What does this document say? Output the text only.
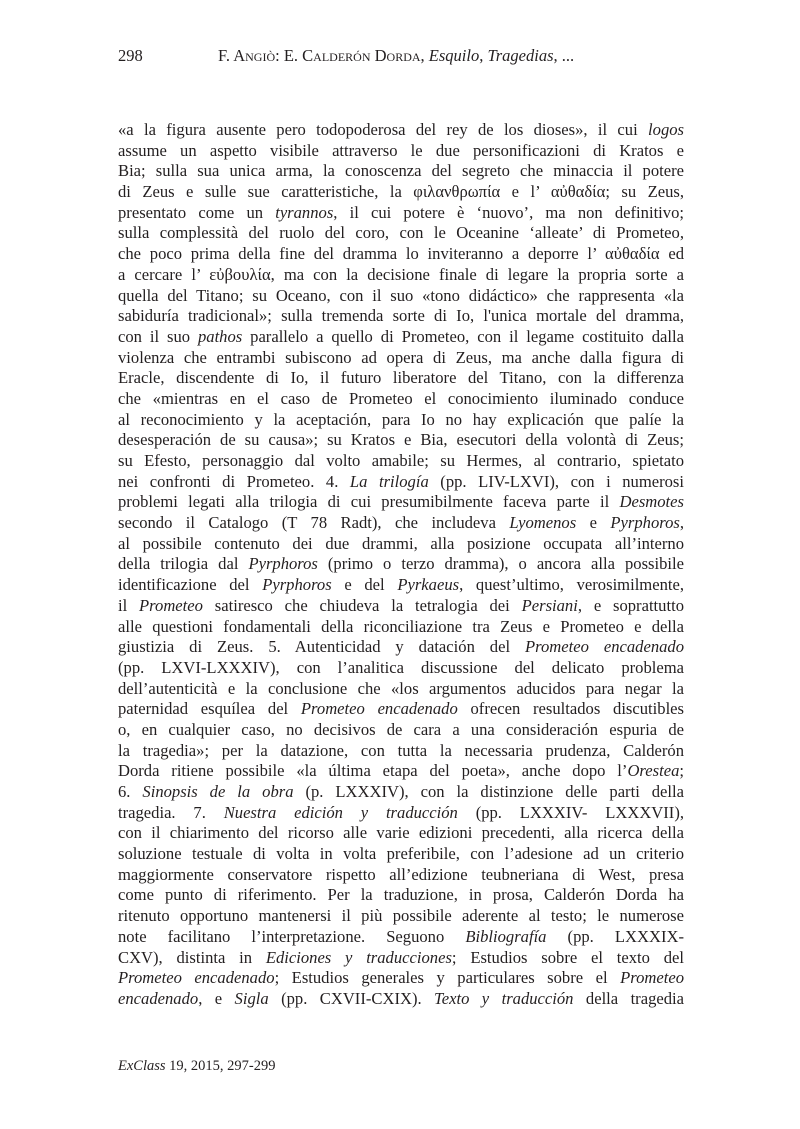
298	F. Angiò: E. Calderón Dorda, Esquilo, Tragedias, ...
«a la figura ausente pero todopoderosa del rey de los dioses», il cui logos
assume un aspetto visibile attraverso le due personificazioni di Kratos e
Bia; sulla sua unica arma, la conoscenza del segreto che minaccia il potere
di Zeus e sulle sue caratteristiche, la φιλανθρωπία e l’ αὐθαδία; su Zeus,
presentato come un tyrannos, il cui potere è ‘nuovo’, ma non definitivo;
sulla complessità del ruolo del coro, con le Oceanine ‘alleate’ di Prometeo,
che poco prima della fine del dramma lo inviteranno a deporre l’ αὐθαδία ed
a cercare l’ εὐβουλία, ma con la decisione finale di legare la propria sorte a
quella del Titano; su Oceano, con il suo «tono didáctico» che rappresenta «la
sabiduría tradicional»; sulla tremenda sorte di Io, l'unica mortale del dramma,
con il suo pathos parallelo a quello di Prometeo, con il legame costituito dalla
violenza che entrambi subiscono ad opera di Zeus, ma anche dalla figura di
Eracle, discendente di Io, il futuro liberatore del Titano, con la differenza
che «mientras en el caso de Prometeo el conocimiento iluminado conduce
al reconocimiento y la aceptación, para Io no hay explicación que palíe la
desesperación de su causa»; su Kratos e Bia, esecutori della volontà di Zeus;
su Efesto, personaggio dal volto amabile; su Hermes, al contrario, spietato
nei confronti di Prometeo. 4. La trilogía (pp. LIV-LXVI), con i numerosi
problemi legati alla trilogia di cui presumibilmente faceva parte il Desmotes
secondo il Catalogo (T 78 Radt), che includeva Lyomenos e Pyrphoros,
al possibile contenuto dei due drammi, alla posizione occupata all’interno
della trilogia dal Pyrphoros (primo o terzo dramma), o ancora alla possibile
identificazione del Pyrphoros e del Pyrkaeus, quest’ultimo, verosimilmente,
il Prometeo satiresco che chiudeva la tetralogia dei Persiani, e soprattutto
alle questioni fondamentali della riconciliazione tra Zeus e Prometeo e della
giustizia di Zeus. 5. Autenticidad y datación del Prometeo encadenado
(pp. LXVI-LXXXIV), con l’analitica discussione del delicato problema
dell’autenticità e la conclusione che «los argumentos aducidos para negar la
paternidad esquílea del Prometeo encadenado ofrecen resultados discutibles
o, en cualquier caso, no decisivos de cara a una consideración espuria de
la tragedia»; per la datazione, con tutta la necessaria prudenza, Calderón
Dorda ritiene possibile «la última etapa del poeta», anche dopo l’Orestea;
6. Sinopsis de la obra (p. LXXXIV), con la distinzione delle parti della
tragedia. 7. Nuestra edición y traducción (pp. LXXXIV- LXXXVII),
con il chiarimento del ricorso alle varie edizioni precedenti, alla ricerca della
soluzione testuale di volta in volta preferibile, con l’adesione ad un criterio
maggiormente conservatore rispetto all’edizione teubneriana di West, presa
come punto di riferimento. Per la traduzione, in prosa, Calderón Dorda ha
ritenuto opportuno mantenersi il più possibile aderente al testo; le numerose
note facilitano l’interpretazione. Seguono Bibliografía (pp. LXXXIX-
CXV), distinta in Ediciones y traducciones; Estudios sobre el texto del
Prometeo encadenado; Estudios generales y particulares sobre el Prometeo
encadenado, e Sigla (pp. CXVII-CXIX). Texto y traducción della tragedia
ExClass 19, 2015, 297-299
